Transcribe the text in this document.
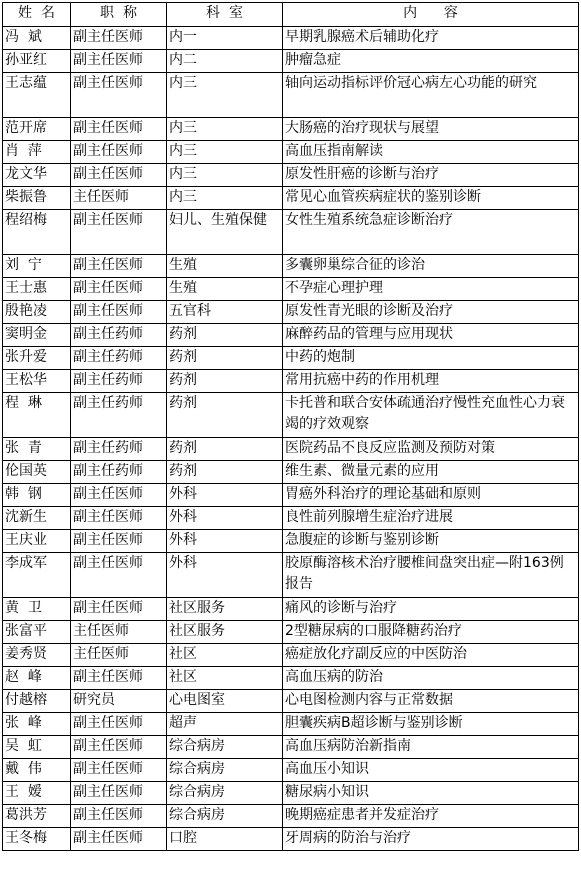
姓  名	职  称	科  室	内      容
冯  斌	副主任医师	内一	早期乳腺癌术后辅助化疗
孙亚红	副主任医师	内二	肿瘤急症
王志蕴	副主任医师	内三	轴向运动指标评价冠心病左心功能的研究
范开席	副主任医师	内三	大肠癌的治疗现状与展望
肖  萍	副主任医师	内三	高血压指南解读
龙文华	副主任医师	内三	原发性肝癌的诊断与治疗
柴振鲁	主任医师	内三	常见心血管疾病症状的鉴别诊断
程绍梅	副主任医师	妇儿、生殖保健	女性生殖系统急症诊断治疗
刘  宁	副主任医师	生殖	多囊卵巢综合征的诊治
王士惠	副主任医师	生殖	不孕症心理护理
殷艳凌	副主任医师	五官科	原发性青光眼的诊断及治疗
窦明金	副主任药师	药剂	麻醉药品的管理与应用现状
张升爱	副主任药师	药剂	中药的炮制
王松华	副主任药师	药剂	常用抗癌中药的作用机理
程  琳	副主任药师	药剂	卡托普和联合安体疏通治疗慢性充血性心力衰竭的疗效观察
张  青	副主任药师	药剂	医院药品不良反应监测及预防对策
伦国英	副主任药师	药剂	维生素、微量元素的应用
韩  钢	副主任医师	外科	胃癌外科治疗的理论基础和原则
沈新生	副主任医师	外科	良性前列腺增生症治疗进展
王庆业	副主任医师	外科	急腹症的诊断与鉴别诊断
李成军	副主任医师	外科	胶原酶溶核术治疗腰椎间盘突出症—附163例报告
黄  卫	副主任医师	社区服务	痛风的诊断与治疗
张富平	主任医师	社区服务	2型糖尿病的口服降糖药治疗
姜秀贤	主任医师	社区	癌症放化疗副反应的中医防治
赵  峰	副主任医师	社区	高血压病的防治
付越榕	研究员	心电图室	心电图检测内容与正常数据
张  峰	副主任医师	超声	胆囊疾病B超诊断与鉴别诊断
吴  虹	副主任医师	综合病房	高血压病防治新指南
戴  伟	副主任医师	综合病房	高血压小知识
王  嫒	副主任医师	综合病房	糖尿病小知识
葛洪芳	副主任医师	综合病房	晚期癌症患者并发症治疗
王冬梅	副主任医师	口腔	牙周病的防治与治疗
